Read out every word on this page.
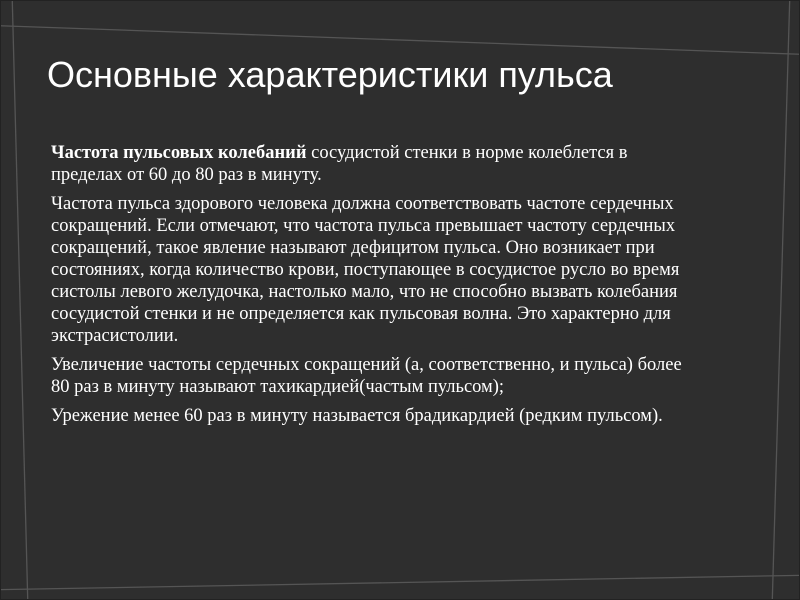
Основные характеристики пульса

Частота пульсовых колебаний сосудистой стенки в норме колеблется в пределах от 60 до 80 раз в минуту.

Частота пульса здорового человека должна соответствовать частоте сердечных сокращений. Если отмечают, что частота пульса превышает частоту сердечных сокращений, такое явление называют дефицитом пульса. Оно возникает при состояниях, когда количество крови, поступающее в сосудистое русло во время систолы левого желудочка, настолько мало, что не способно вызвать колебания сосудистой стенки и не определяется как пульсовая волна. Это характерно для экстрасистолии.

Увеличение частоты сердечных сокращений (а, соответственно, и пульса) более 80 раз в минуту называют тахикардией(частым пульсом);

Урежение менее 60 раз в минуту называется брадикардией (редким пульсом).
